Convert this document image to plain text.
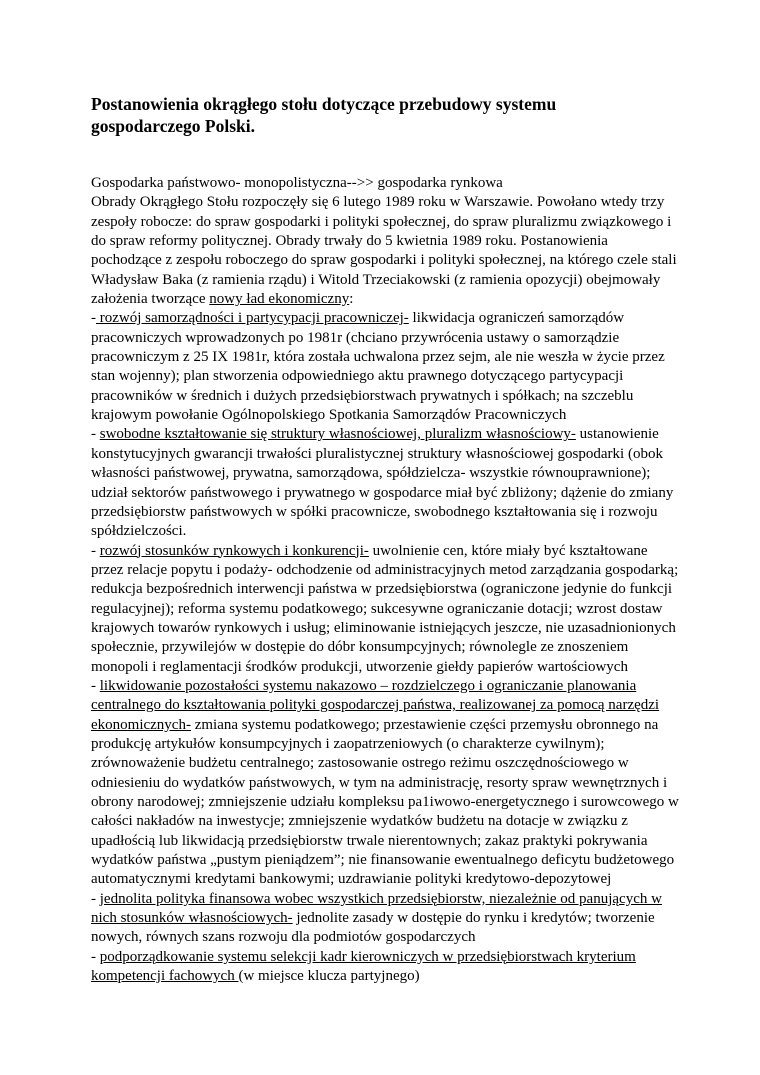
Postanowienia okrągłego stołu dotyczące przebudowy systemu gospodarczego Polski.

Gospodarka państwowo- monopolistyczna-->> gospodarka rynkowa

Obrady Okrągłego Stołu rozpoczęły się 6 lutego 1989 roku w Warszawie. Powołano wtedy trzy zespoły robocze: do spraw gospodarki i polityki społecznej, do spraw pluralizmu związkowego i do spraw reformy politycznej. Obrady trwały do 5 kwietnia 1989 roku. Postanowienia pochodzące z zespołu roboczego do spraw gospodarki i polityki społecznej, na którego czele stali Władysław Baka (z ramienia rządu) i Witold Trzeciakowski (z ramienia opozycji) obejmowały założenia tworzące nowy ład ekonomiczny:

- rozwój samorządności i partycypacji pracowniczej- likwidacja ograniczeń samorządów pracowniczych wprowadzonych po 1981r (chciano przywrócenia ustawy o samorządzie pracowniczym z 25 IX 1981r, która została uchwalona przez sejm, ale nie weszła w życie przez stan wojenny); plan stworzenia odpowiedniego aktu prawnego dotyczącego partycypacji pracowników w średnich i dużych przedsiębiorstwach prywatnych i spółkach; na szczeblu krajowym powołanie Ogólnopolskiego Spotkania Samorządów Pracowniczych

- swobodne kształtowanie się struktury własnościowej, pluralizm własnościowy- ustanowienie konstytucyjnych gwarancji trwałości pluralistycznej struktury własnościowej gospodarki (obok własności państwowej, prywatna, samorządowa, spółdzielcza- wszystkie równouprawnione); udział sektorów państwowego i prywatnego w gospodarce miał być zbliżony; dążenie do zmiany przedsiębiorstw państwowych w spółki pracownicze, swobodnego kształtowania się i rozwoju spółdzielczości.

- rozwój stosunków rynkowych i konkurencji- uwolnienie cen, które miały być kształtowane przez relacje popytu i podaży- odchodzenie od administracyjnych metod zarządzania gospodarką; redukcja bezpośrednich interwencji państwa w przedsiębiorstwa (ograniczone jedynie do funkcji regulacyjnej); reforma systemu podatkowego; sukcesywne ograniczanie dotacji; wzrost dostaw krajowych towarów rynkowych i usług; eliminowanie istniejących jeszcze, nie uzasadnionionych społecznie, przywilejów w dostępie do dóbr konsumpcyjnych; równolegle ze znoszeniem monopoli i reglamentacji środków produkcji, utworzenie giełdy papierów wartościowych

- likwidowanie pozostałości systemu nakazowo – rozdzielczego i ograniczanie planowania centralnego do kształtowania polityki gospodarczej państwa, realizowanej za pomocą narzędzi ekonomicznych- zmiana systemu podatkowego; przestawienie części przemysłu obronnego na produkcję artykułów konsumpcyjnych i zaopatrzeniowych (o charakterze cywilnym); zrównoważenie budżetu centralnego; zastosowanie ostrego reżimu oszczędnościowego w odniesieniu do wydatków państwowych, w tym na administrację, resorty spraw wewnętrznych i obrony narodowej; zmniejszenie udziału kompleksu pa1iwowo-energetycznego i surowcowego w całości nakładów na inwestycje; zmniejszenie wydatków budżetu na dotacje w związku z upadłością lub likwidacją przedsiębiorstw trwale nierentownych; zakaz praktyki pokrywania wydatków państwa „pustym pieniądzem”; nie finansowanie ewentualnego deficytu budżetowego automatycznymi kredytami bankowymi; uzdrawianie polityki kredytowo-depozytowej

- jednolita polityka finansowa wobec wszystkich przedsiębiorstw, niezależnie od panujących w nich stosunków własnościowych- jednolite zasady w dostępie do rynku i kredytów; tworzenie nowych, równych szans rozwoju dla podmiotów gospodarczych

- podporządkowanie systemu selekcji kadr kierowniczych w przedsiębiorstwach kryterium kompetencji fachowych (w miejsce klucza partyjnego)
